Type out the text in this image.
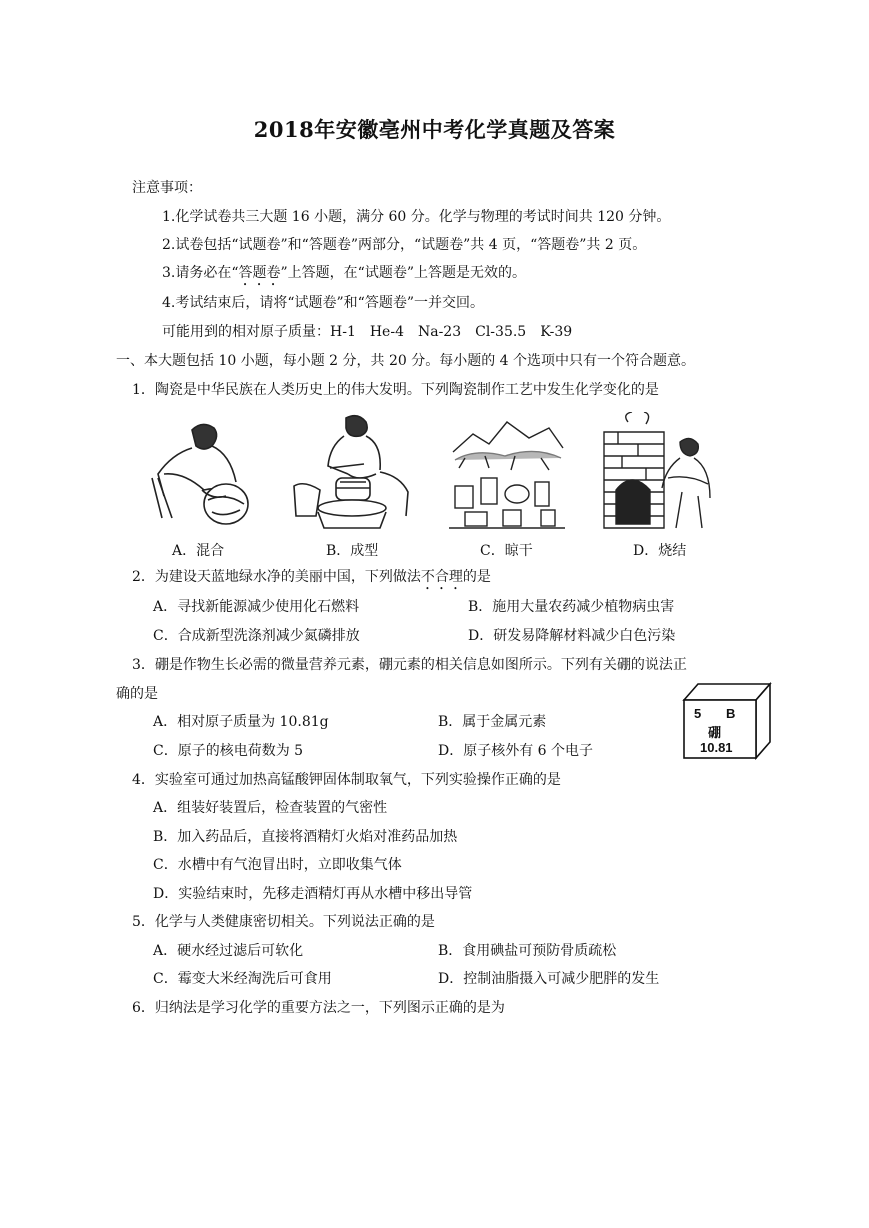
2018年安徽亳州中考化学真题及答案
注意事项：
1.化学试卷共三大题 16 小题，满分 60 分。化学与物理的考试时间共 120 分钟。
2.试卷包括“试题卷”和“答题卷”两部分，“试题卷”共 4 页，“答题卷”共 2 页。
3.请务必在“答题卷”上答题，在“试题卷”上答题是无效的。
4.考试结束后，请将“试题卷”和“答题卷”一并交回。
可能用到的相对原子质量：H-1　He-4　Na-23　Cl-35.5　K-39
一、本大题包括 10 小题，每小题 2 分，共 20 分。每小题的 4 个选项中只有一个符合题意。
1．陶瓷是中华民族在人类历史上的伟大发明。下列陶瓷制作工艺中发生化学变化的是
A．混合	B．成型	C．晾干	D．烧结
2．为建设天蓝地绿水净的美丽中国，下列做法不合理的是
A．寻找新能源减少使用化石燃料	B．施用大量农药减少植物病虫害
C．合成新型洗涤剂减少氮磷排放	D．研发易降解材料减少白色污染
3．硼是作物生长必需的微量营养元素，硼元素的相关信息如图所示。下列有关硼的说法正
确的是
A．相对原子质量为 10.81g	B．属于金属元素
C．原子的核电荷数为 5	D．原子核外有 6 个电子
5 B
硼
10.81
4．实验室可通过加热高锰酸钾固体制取氧气，下列实验操作正确的是
A．组装好装置后，检查装置的气密性
B．加入药品后，直接将酒精灯火焰对准药品加热
C．水槽中有气泡冒出时，立即收集气体
D．实验结束时，先移走酒精灯再从水槽中移出导管
5．化学与人类健康密切相关。下列说法正确的是
A．硬水经过滤后可软化	B．食用碘盐可预防骨质疏松
C．霉变大米经淘洗后可食用	D．控制油脂摄入可减少肥胖的发生
6．归纳法是学习化学的重要方法之一，下列图示正确的是为
